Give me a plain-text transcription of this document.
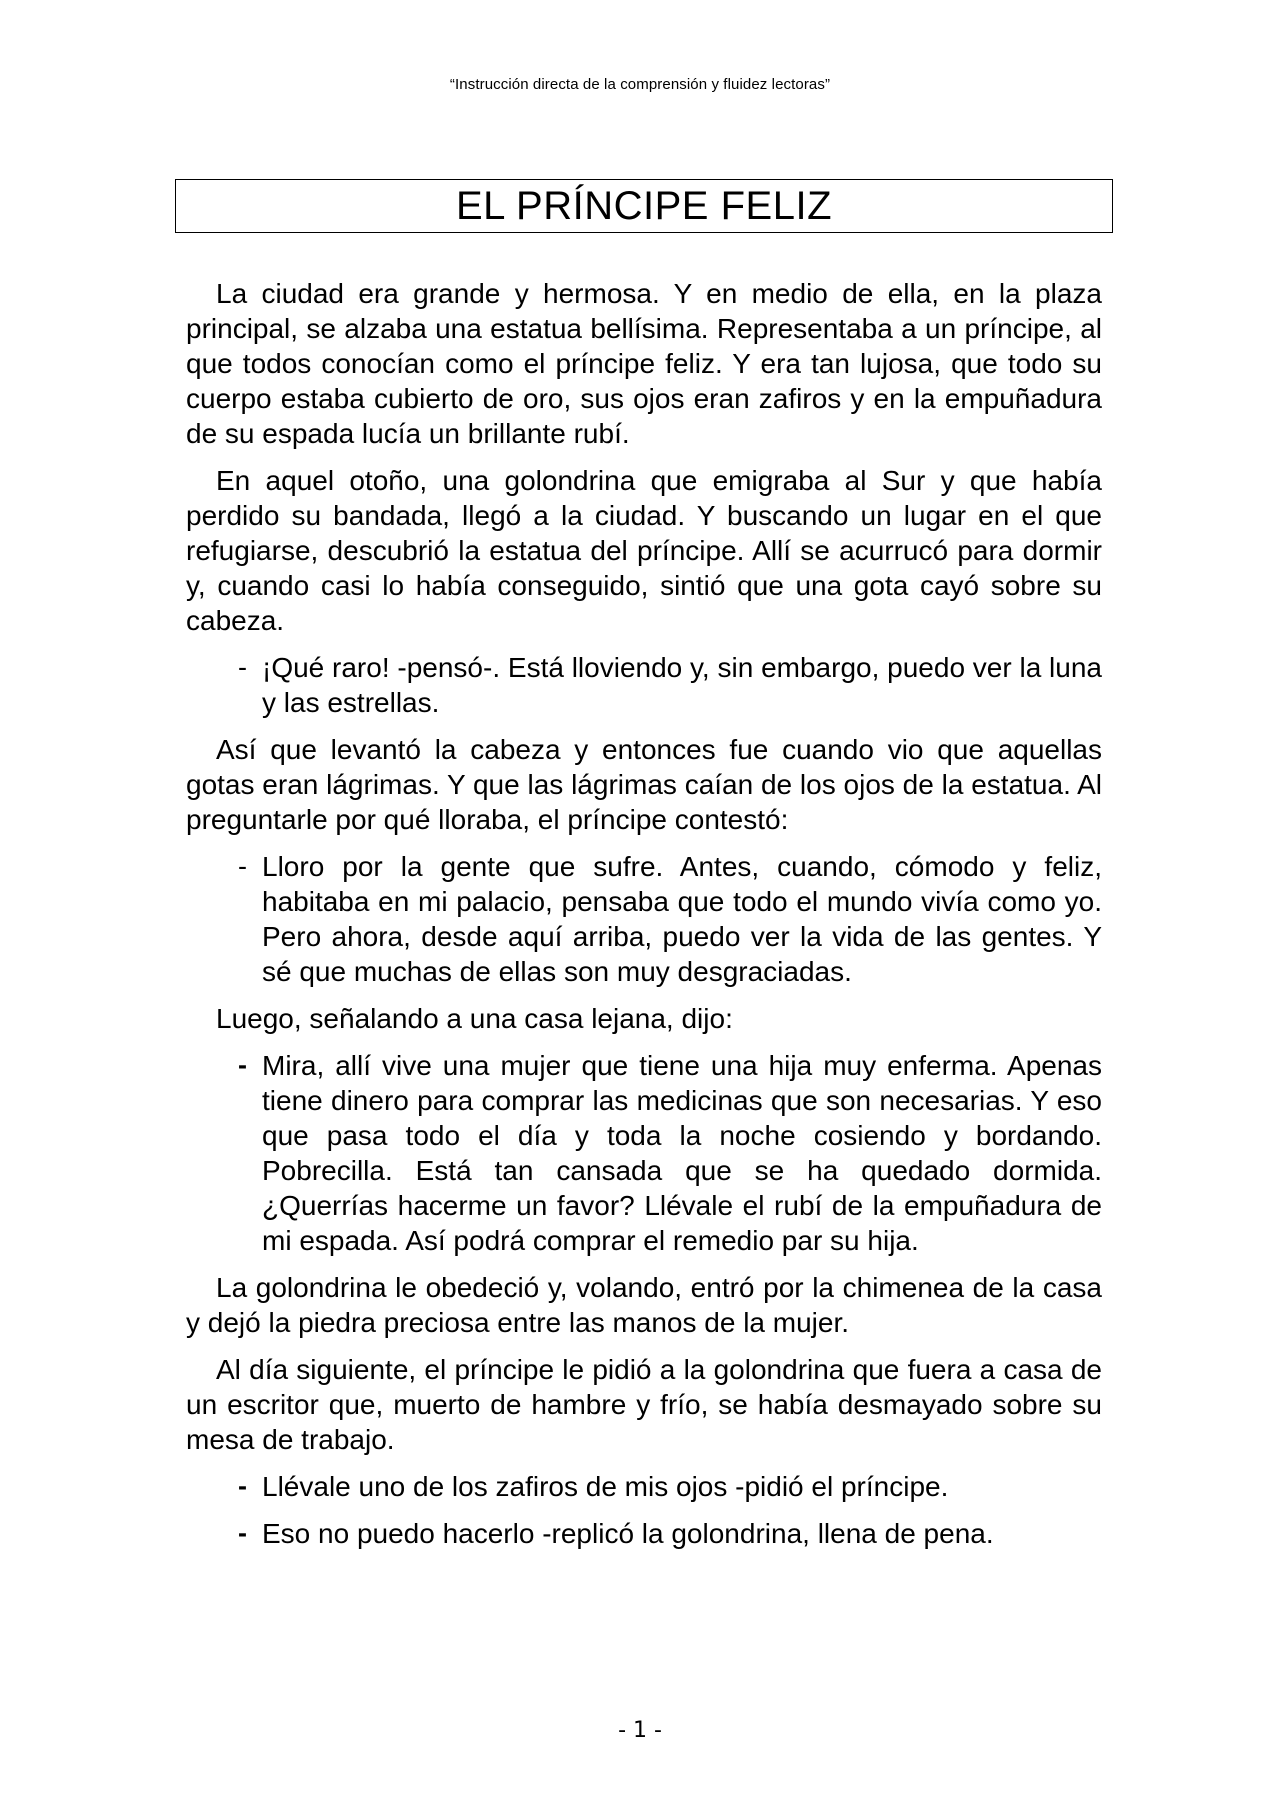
“Instrucción directa de la comprensión y fluidez lectoras”
EL PRÍNCIPE FELIZ

La ciudad era grande y hermosa. Y en medio de ella, en la plaza principal, se alzaba una estatua bellísima. Representaba a un príncipe, al que todos conocían como el príncipe feliz. Y era tan lujosa, que todo su cuerpo estaba cubierto de oro, sus ojos eran zafiros y en la empuñadura de su espada lucía un brillante rubí.

En aquel otoño, una golondrina que emigraba al Sur y que había perdido su bandada, llegó a la ciudad. Y buscando un lugar en el que refugiarse, descubrió la estatua del príncipe. Allí se acurrucó para dormir y, cuando casi lo había conseguido, sintió que una gota cayó sobre su cabeza.

- ¡Qué raro! -pensó-. Está lloviendo y, sin embargo, puedo ver la luna y las estrellas.

Así que levantó la cabeza y entonces fue cuando vio que aquellas gotas eran lágrimas. Y que las lágrimas caían de los ojos de la estatua. Al preguntarle por qué lloraba, el príncipe contestó:

- Lloro por la gente que sufre. Antes, cuando, cómodo y feliz, habitaba en mi palacio, pensaba que todo el mundo vivía como yo. Pero ahora, desde aquí arriba, puedo ver la vida de las gentes. Y sé que muchas de ellas son muy desgraciadas.

Luego, señalando a una casa lejana, dijo:

- Mira, allí vive una mujer que tiene una hija muy enferma. Apenas tiene dinero para comprar las medicinas que son necesarias. Y eso que pasa todo el día y toda la noche cosiendo y bordando. Pobrecilla. Está tan cansada que se ha quedado dormida. ¿Querrías hacerme un favor? Llévale el rubí de la empuñadura de mi espada. Así podrá comprar el remedio par su hija.

La golondrina le obedeció y, volando, entró por la chimenea de la casa y dejó la piedra preciosa entre las manos de la mujer.

Al día siguiente, el príncipe le pidió a la golondrina que fuera a casa de un escritor que, muerto de hambre y frío, se había desmayado sobre su mesa de trabajo.

- Llévale uno de los zafiros de mis ojos -pidió el príncipe.
- Eso no puedo hacerlo -replicó la golondrina, llena de pena.
- 1 -
